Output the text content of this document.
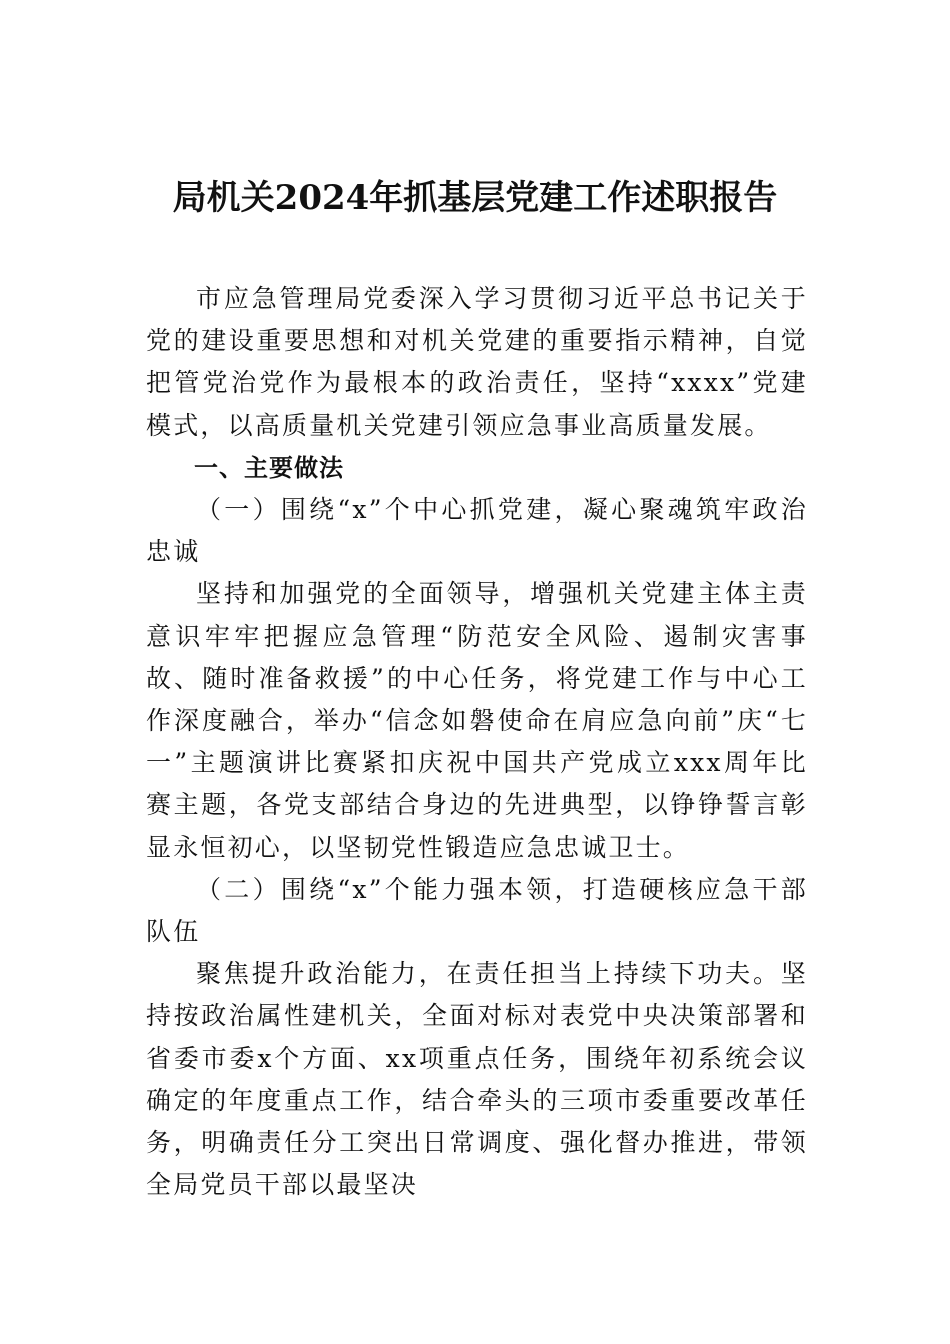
局机关2024年抓基层党建工作述职报告

市应急管理局党委深入学习贯彻习近平总书记关于党的建设重要思想和对机关党建的重要指示精神，自觉把管党治党作为最根本的政治责任，坚持“xxxx”党建模式，以高质量机关党建引领应急事业高质量发展。

一、主要做法

（一）围绕“x”个中心抓党建，凝心聚魂筑牢政治忠诚

坚持和加强党的全面领导，增强机关党建主体主责意识牢牢把握应急管理“防范安全风险、遏制灾害事故、随时准备救援”的中心任务，将党建工作与中心工作深度融合，举办“信念如磐使命在肩应急向前”庆“七一”主题演讲比赛紧扣庆祝中国共产党成立xxx周年比赛主题，各党支部结合身边的先进典型，以铮铮誓言彰显永恒初心，以坚韧党性锻造应急忠诚卫士。

（二）围绕“x”个能力强本领，打造硬核应急干部队伍

聚焦提升政治能力，在责任担当上持续下功夫。坚持按政治属性建机关，全面对标对表党中央决策部署和省委市委x个方面、xx项重点任务，围绕年初系统会议确定的年度重点工作，结合牵头的三项市委重要改革任务，明确责任分工突出日常调度、强化督办推进，带领全局党员干部以最坚决
